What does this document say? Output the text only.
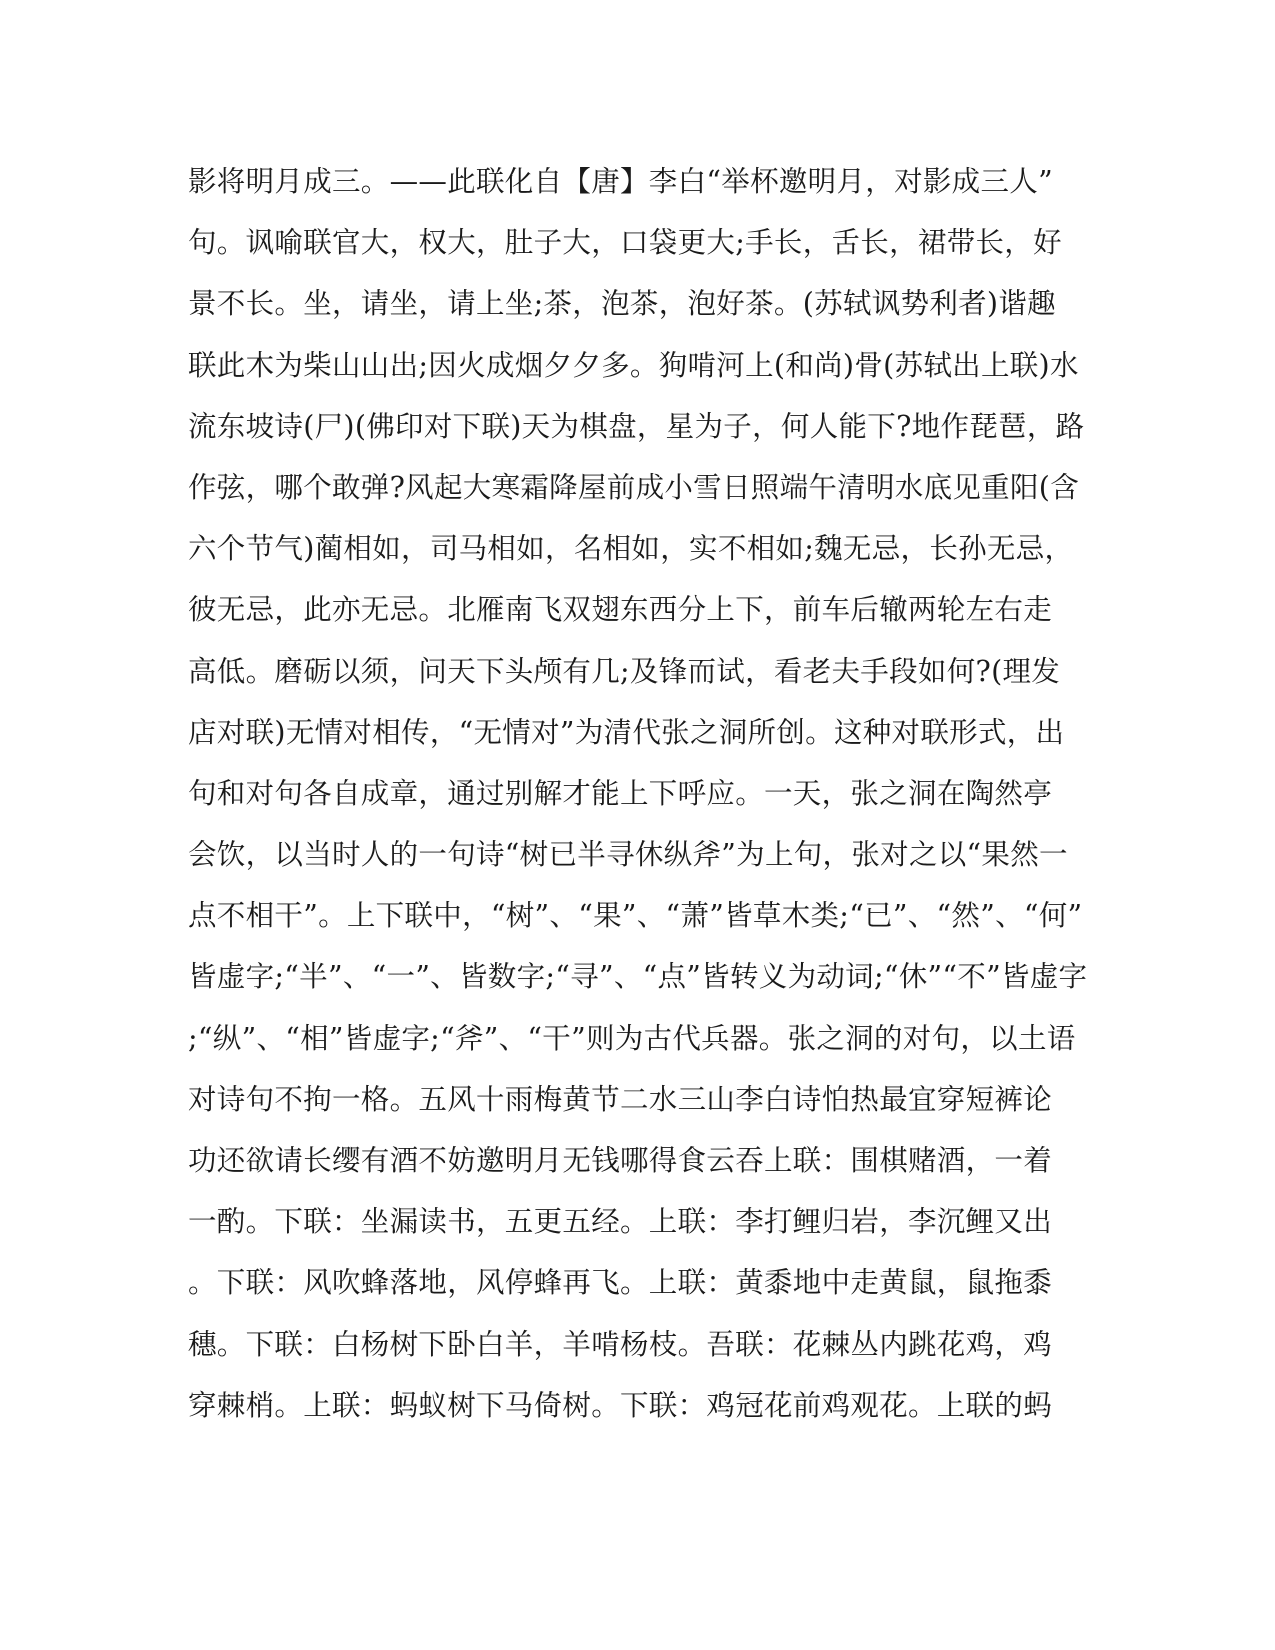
影将明月成三。——此联化自【唐】李白“举杯邀明月，对影成三人”
句。讽喻联官大，权大，肚子大，口袋更大;手长，舌长，裙带长，好
景不长。坐，请坐，请上坐;茶，泡茶，泡好茶。(苏轼讽势利者)谐趣
联此木为柴山山出;因火成烟夕夕多。狗啃河上(和尚)骨(苏轼出上联)水
流东坡诗(尸)(佛印对下联)天为棋盘，星为子，何人能下?地作琵琶，路
作弦，哪个敢弹?风起大寒霜降屋前成小雪日照端午清明水底见重阳(含
六个节气)蔺相如，司马相如，名相如，实不相如;魏无忌，长孙无忌，
彼无忌，此亦无忌。北雁南飞双翅东西分上下，前车后辙两轮左右走
高低。磨砺以须，问天下头颅有几;及锋而试，看老夫手段如何?(理发
店对联)无情对相传，“无情对”为清代张之洞所创。这种对联形式，出
句和对句各自成章，通过别解才能上下呼应。一天，张之洞在陶然亭
会饮，以当时人的一句诗“树已半寻休纵斧”为上句，张对之以“果然一
点不相干”。上下联中，“树”、“果”、“萧”皆草木类;“已”、“然”、“何”
皆虚字;“半”、“一”、皆数字;“寻”、“点”皆转义为动词;“休”“不”皆虚字
;“纵”、“相”皆虚字;“斧”、“干”则为古代兵器。张之洞的对句，以土语
对诗句不拘一格。五风十雨梅黄节二水三山李白诗怕热最宜穿短裤论
功还欲请长缨有酒不妨邀明月无钱哪得食云吞上联：围棋赌酒，一着
一酌。下联：坐漏读书，五更五经。上联：李打鲤归岩，李沉鲤又出
。下联：风吹蜂落地，风停蜂再飞。上联：黄黍地中走黄鼠，鼠拖黍
穗。下联：白杨树下卧白羊，羊啃杨枝。吾联：花棘丛内跳花鸡，鸡
穿棘梢。上联：蚂蚁树下马倚树。下联：鸡冠花前鸡观花。上联的蚂
